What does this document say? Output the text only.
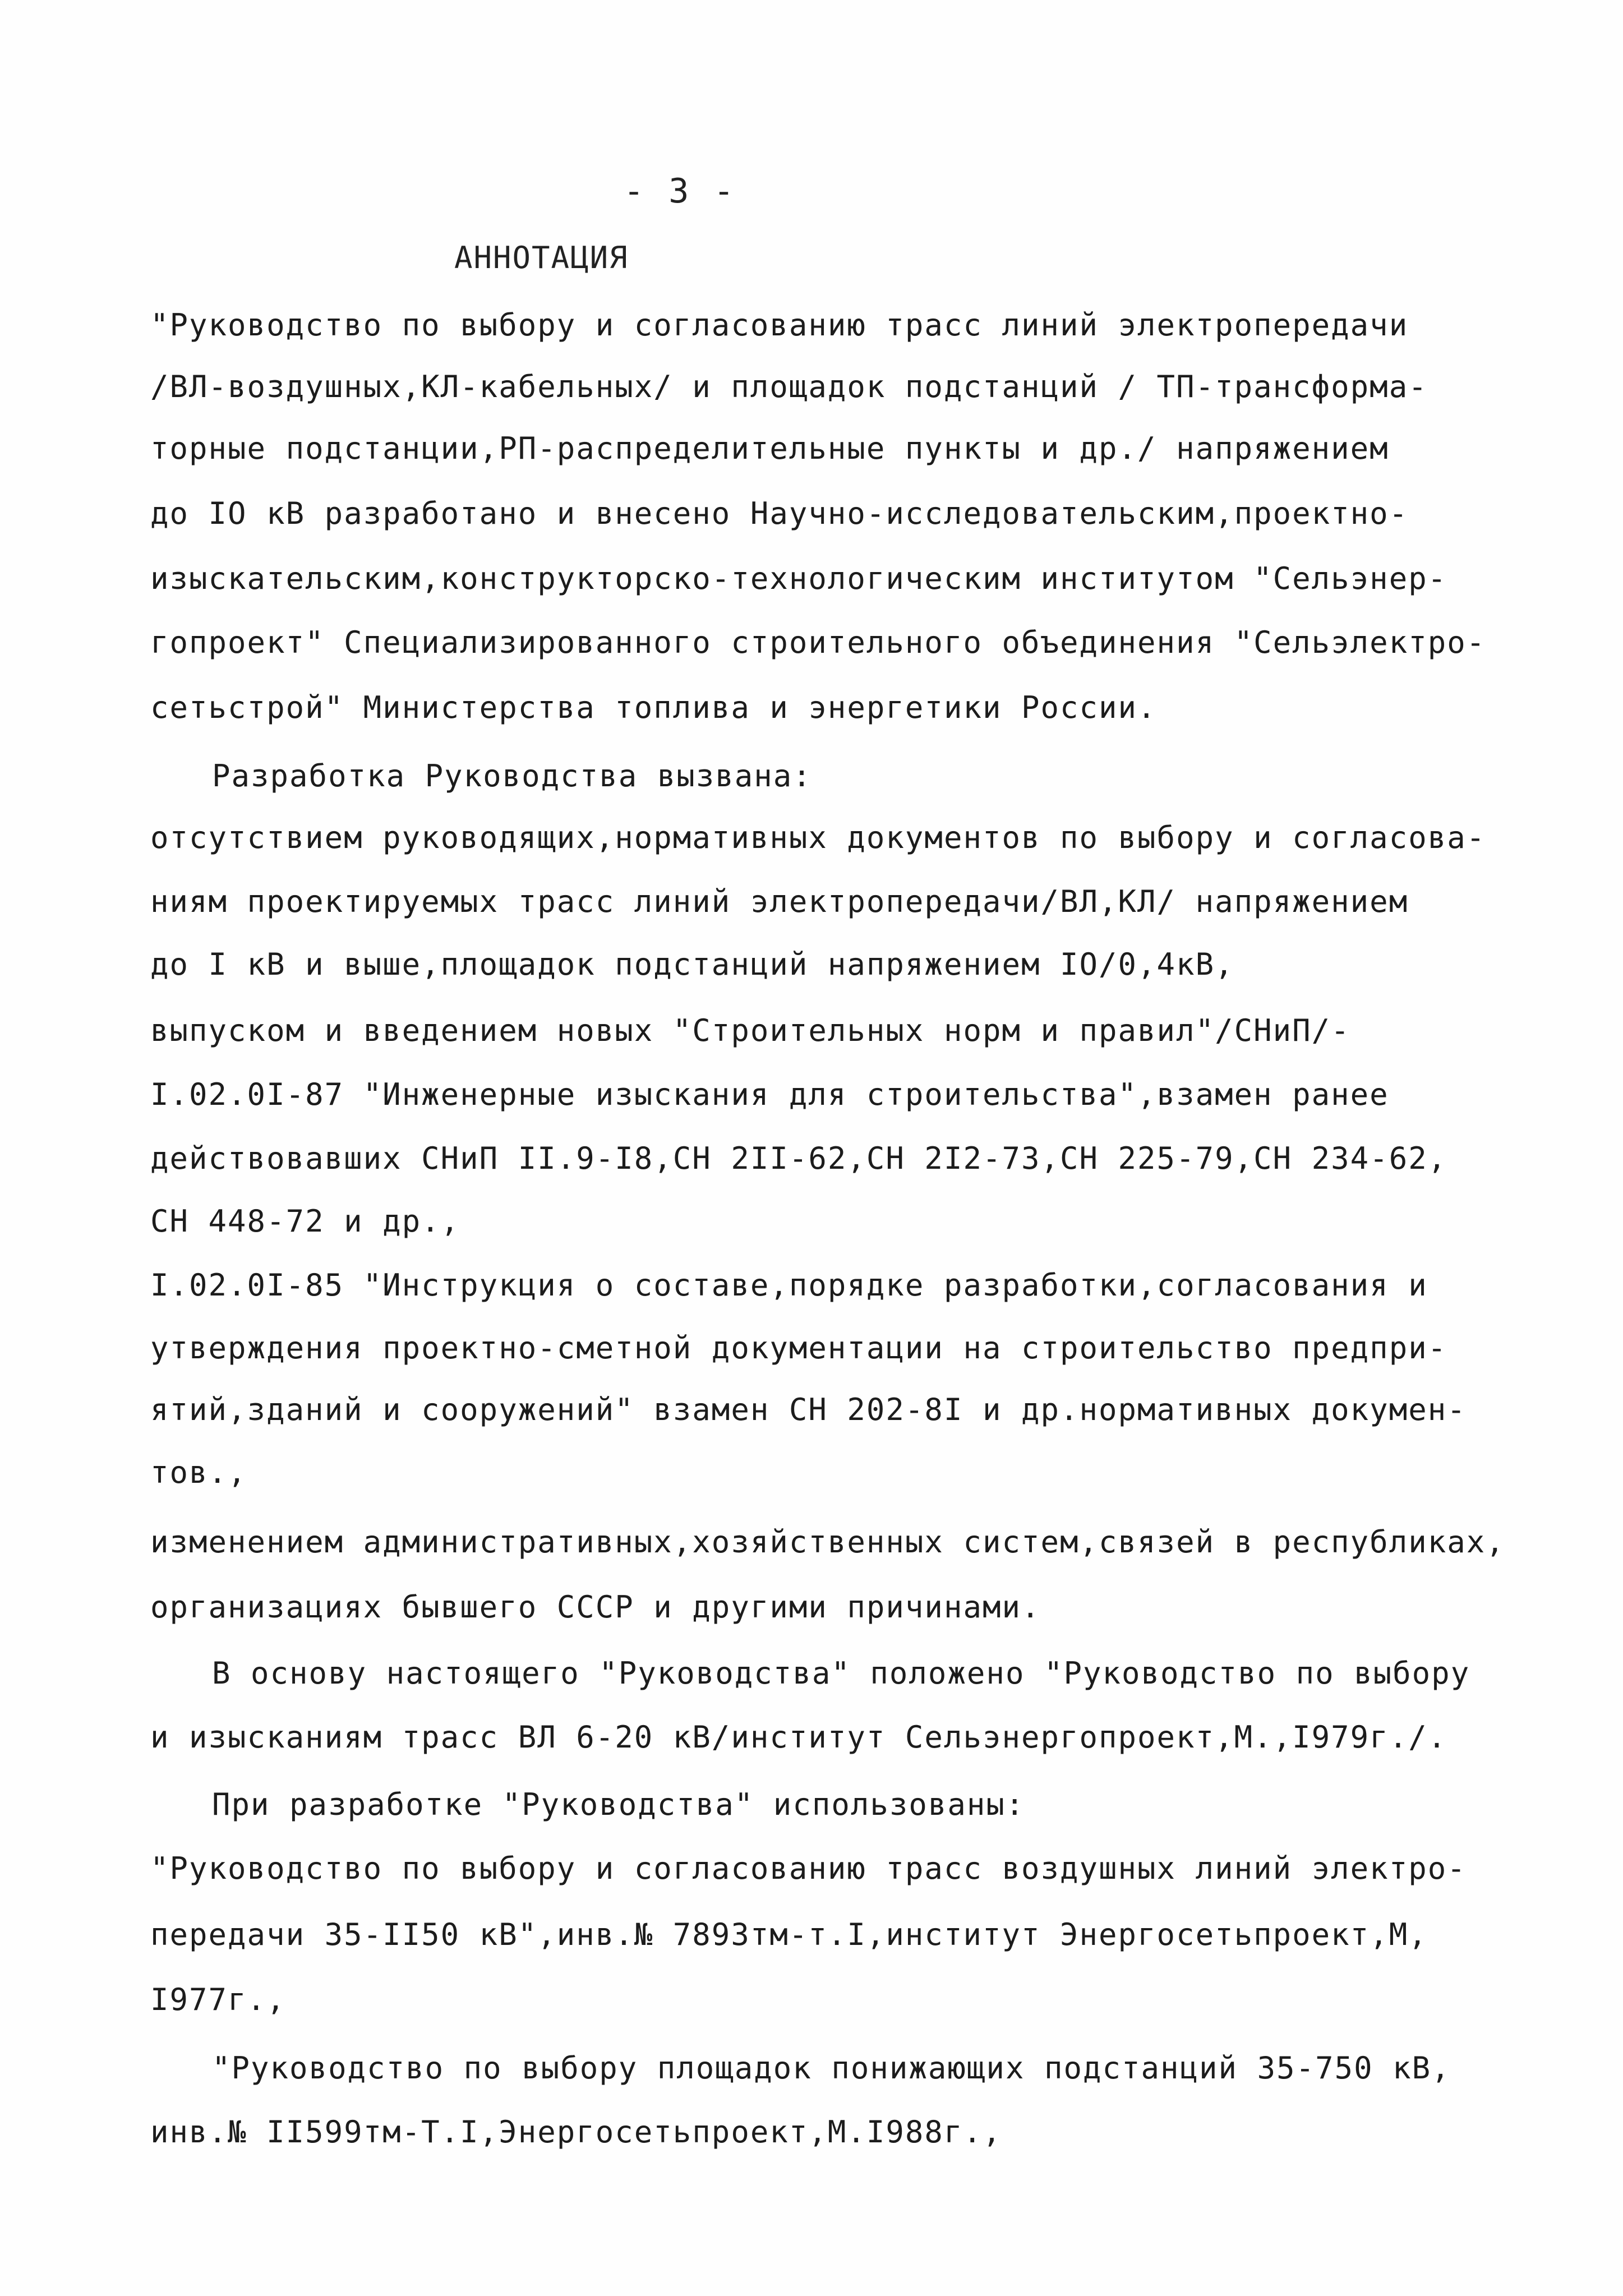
- 3 -
АННОТАЦИЯ
"Руководство по выбору и согласованию трасс линий электропередачи
/ВЛ-воздушных,КЛ-кабельных/ и площадок подстанций / ТП-трансформа-
торные подстанции,РП-распределительные пункты и др./ напряжением
до IO кВ разработано и внесено Научно-исследовательским,проектно-
изыскательским,конструкторско-технологическим институтом "Сельэнер-
гопроект" Специализированного строительного объединения "Сельэлектро-
сетьстрой" Министерства топлива и энергетики России.
Разработка Руководства вызвана:
отсутствием руководящих,нормативных документов по выбору и согласова-
ниям проектируемых трасс линий электропередачи/ВЛ,КЛ/ напряжением
до I кВ и выше,площадок подстанций напряжением IO/0,4кВ,
выпуском и введением новых "Строительных норм и правил"/СНиП/-
I.02.0I-87 "Инженерные изыскания для строительства",взамен ранее
действовавших СНиП II.9-I8,СН 2II-62,СН 2I2-73,СН 225-79,СН 234-62,
СН 448-72 и др.,
I.02.0I-85 "Инструкция о составе,порядке разработки,согласования и
утверждения проектно-сметной документации на строительство предпри-
ятий,зданий и сооружений" взамен СН 202-8I и др.нормативных докумен-
тов.,
изменением административных,хозяйственных систем,связей в республиках,
организациях бывшего СССР и другими причинами.
В основу настоящего "Руководства" положено "Руководство по выбору
и изысканиям трасс ВЛ 6-20 кВ/институт Сельэнергопроект,М.,I979г./.
При разработке "Руководства" использованы:
"Руководство по выбору и согласованию трасс воздушных линий электро-
передачи 35-II50 кВ",инв.№ 7893тм-т.I,институт Энергосетьпроект,М,
I977г.,
"Руководство по выбору площадок понижающих подстанций 35-750 кВ,
инв.№ II599тм-Т.I,Энергосетьпроект,М.I988г.,
